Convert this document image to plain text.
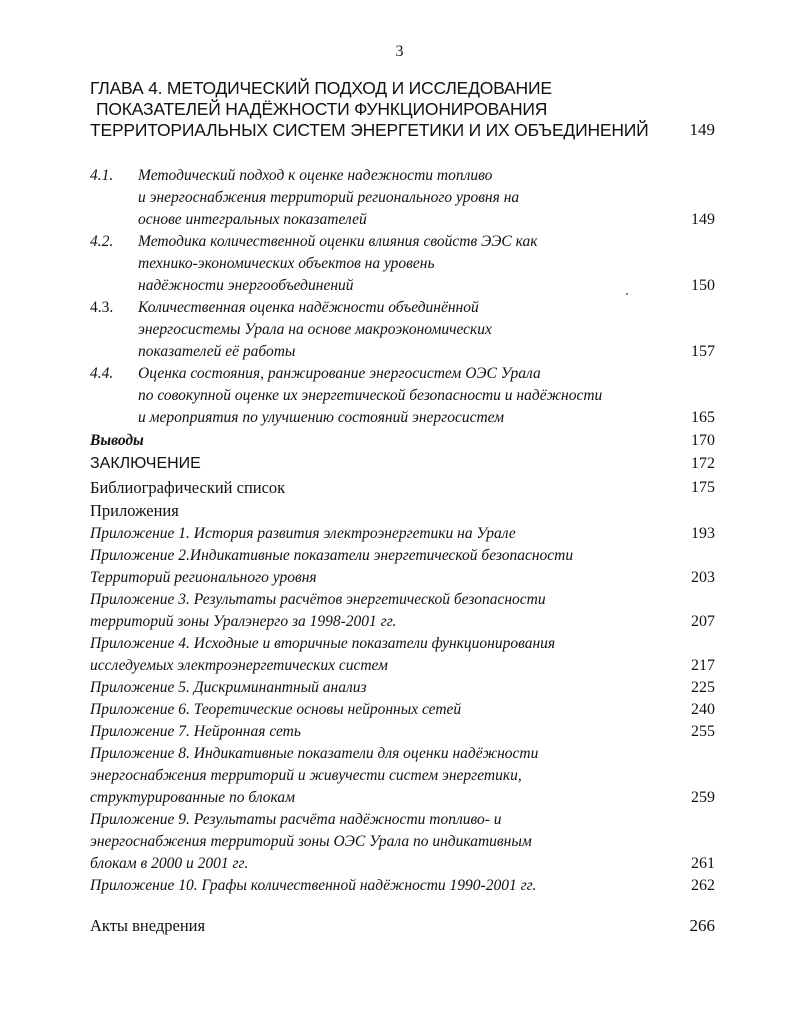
3
ГЛАВА 4. МЕТОДИЧЕСКИЙ ПОДХОД И ИССЛЕДОВАНИЕ
ПОКАЗАТЕЛЕЙ НАДЁЖНОСТИ ФУНКЦИОНИРОВАНИЯ
ТЕРРИТОРИАЛЬНЫХ СИСТЕМ ЭНЕРГЕТИКИ И ИХ ОБЪЕДИНЕНИЙ	149
4.1. Методический подход к оценке надежности топливо
и энергоснабжения территорий регионального уровня на
основе интегральных показателей	149
4.2. Методика количественной оценки влияния свойств ЭЭС как
технико-экономических объектов на уровень
надёжности энергообъединений	150
4.3. Количественная оценка надёжности объединённой
энергосистемы Урала на основе макроэкономических
показателей её работы	157
4.4. Оценка состояния, ранжирование энергосистем ОЭС Урала
по совокупной оценке их энергетической безопасности и надёжности
и мероприятия по улучшению состояний энергосистем	165
Выводы	170
ЗАКЛЮЧЕНИЕ	172
Библиографический список	175
Приложения
Приложение 1. История развития электроэнергетики на Урале	193
Приложение 2.Индикативные показатели энергетической безопасности
Территорий регионального уровня	203
Приложение 3. Результаты расчётов энергетической безопасности
территорий зоны Уралэнерго за 1998-2001 гг.	207
Приложение 4. Исходные и вторичные показатели функционирования
исследуемых электроэнергетических систем	217
Приложение 5. Дискриминантный анализ	225
Приложение 6. Теоретические основы нейронных сетей	240
Приложение 7. Нейронная сеть	255
Приложение 8. Индикативные показатели для оценки надёжности
энергоснабжения территорий и живучести систем энергетики,
структурированные по блокам	259
Приложение 9. Результаты расчёта надёжности топливо- и
энергоснабжения территорий зоны ОЭС Урала по индикативным
блокам в 2000 и 2001 гг.	261
Приложение 10. Графы количественной надёжности 1990-2001 гг.	262
Акты внедрения	266
